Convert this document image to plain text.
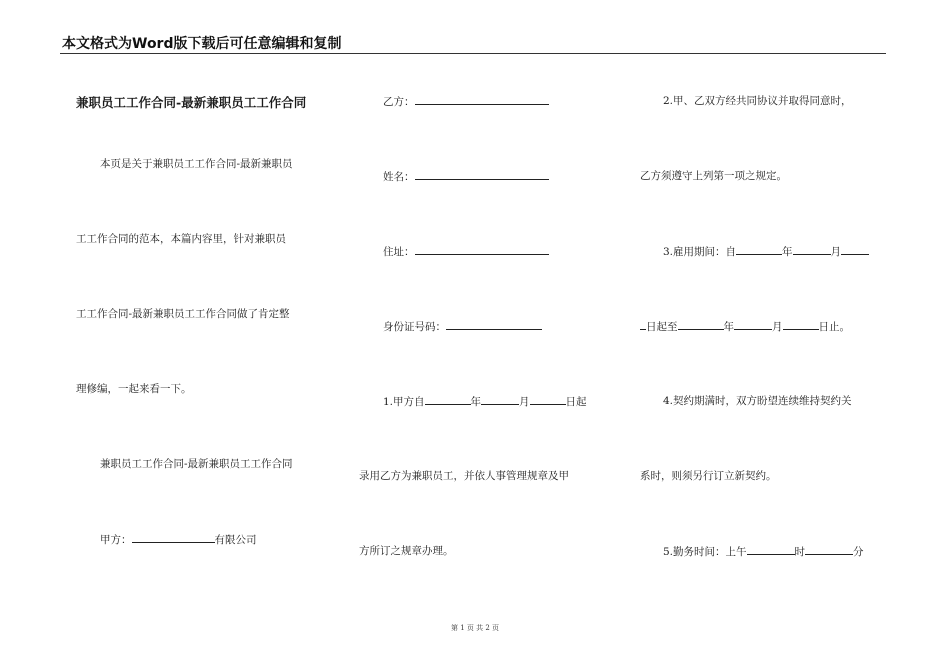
本文格式为Word版下载后可任意编辑和复制
兼职员工工作合同-最新兼职员工工作合同
本页是关于兼职员工工作合同-最新兼职员
工工作合同的范本，本篇内容里，针对兼职员
工工作合同-最新兼职员工工作合同做了肯定整
理修编，一起来看一下。
兼职员工工作合同-最新兼职员工工作合同
甲方：	有限公司
乙方：
姓名：
住址：
身份证号码：
1.甲方自	年	月	日起
录用乙方为兼职员工，并依人事管理规章及甲
方所订之规章办理。
2.甲、乙双方经共同协议并取得同意时，
乙方须遵守上列第一项之规定。
3.雇用期间：自	年	月
日起至	年	月	日止。
4.契约期满时，双方盼望连续维持契约关
系时，则须另行订立新契约。
5.勤务时间：上午	时	分
第 1 页 共 2 页
